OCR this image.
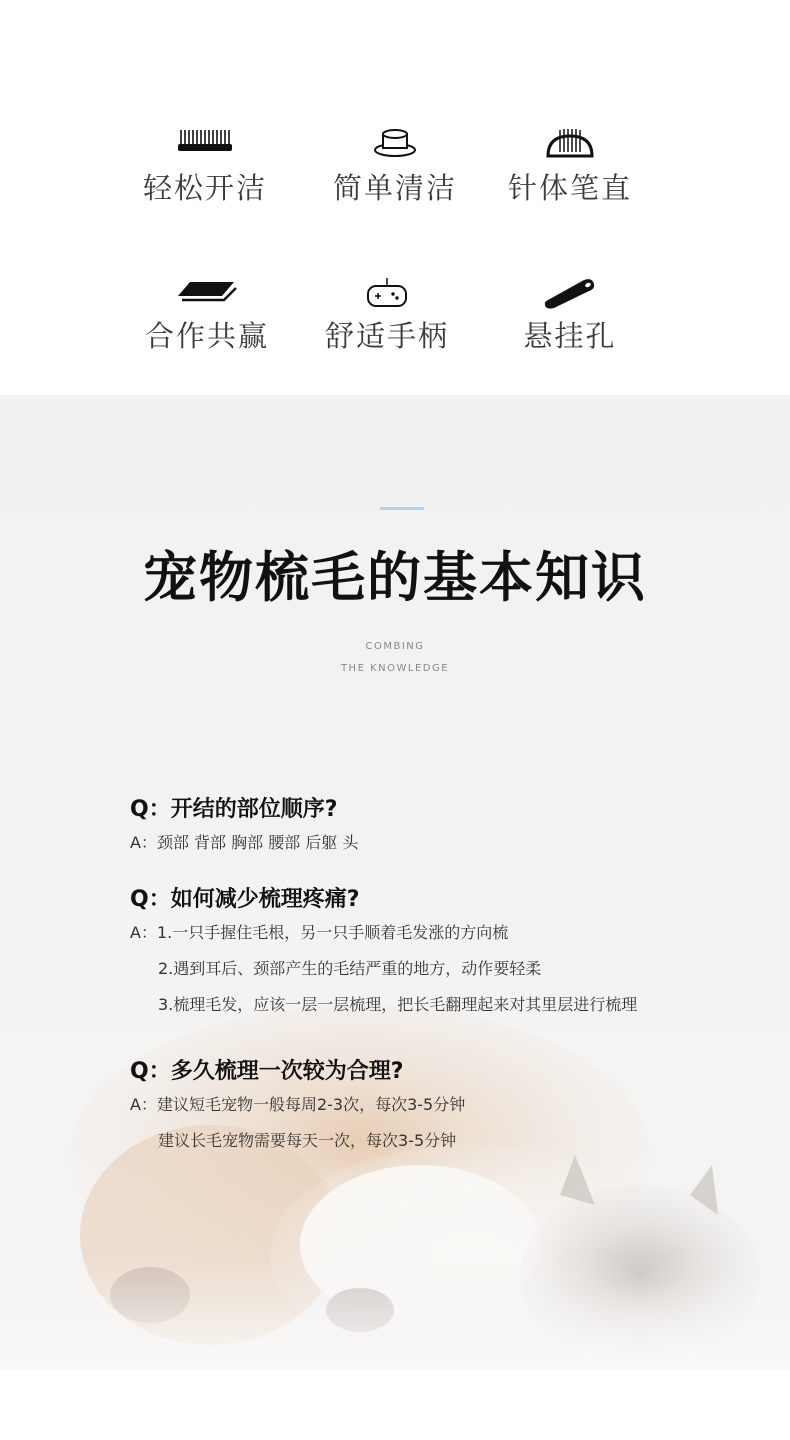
轻松开洁	简单清洁	针体笔直
合作共赢	舒适手柄	悬挂孔
宠物梳毛的基本知识
COMBING
THE KNOWLEDGE
Q：开结的部位顺序?
A：颈部 背部 胸部 腰部 后躯 头
Q：如何减少梳理疼痛?
A：1.一只手握住毛根，另一只手顺着毛发涨的方向梳
2.遇到耳后、颈部产生的毛结严重的地方，动作要轻柔
3.梳理毛发，应该一层一层梳理，把长毛翻理起来对其里层进行梳理
Q：多久梳理一次较为合理?
A：建议短毛宠物一般每周2-3次，每次3-5分钟
建议长毛宠物需要每天一次，每次3-5分钟
